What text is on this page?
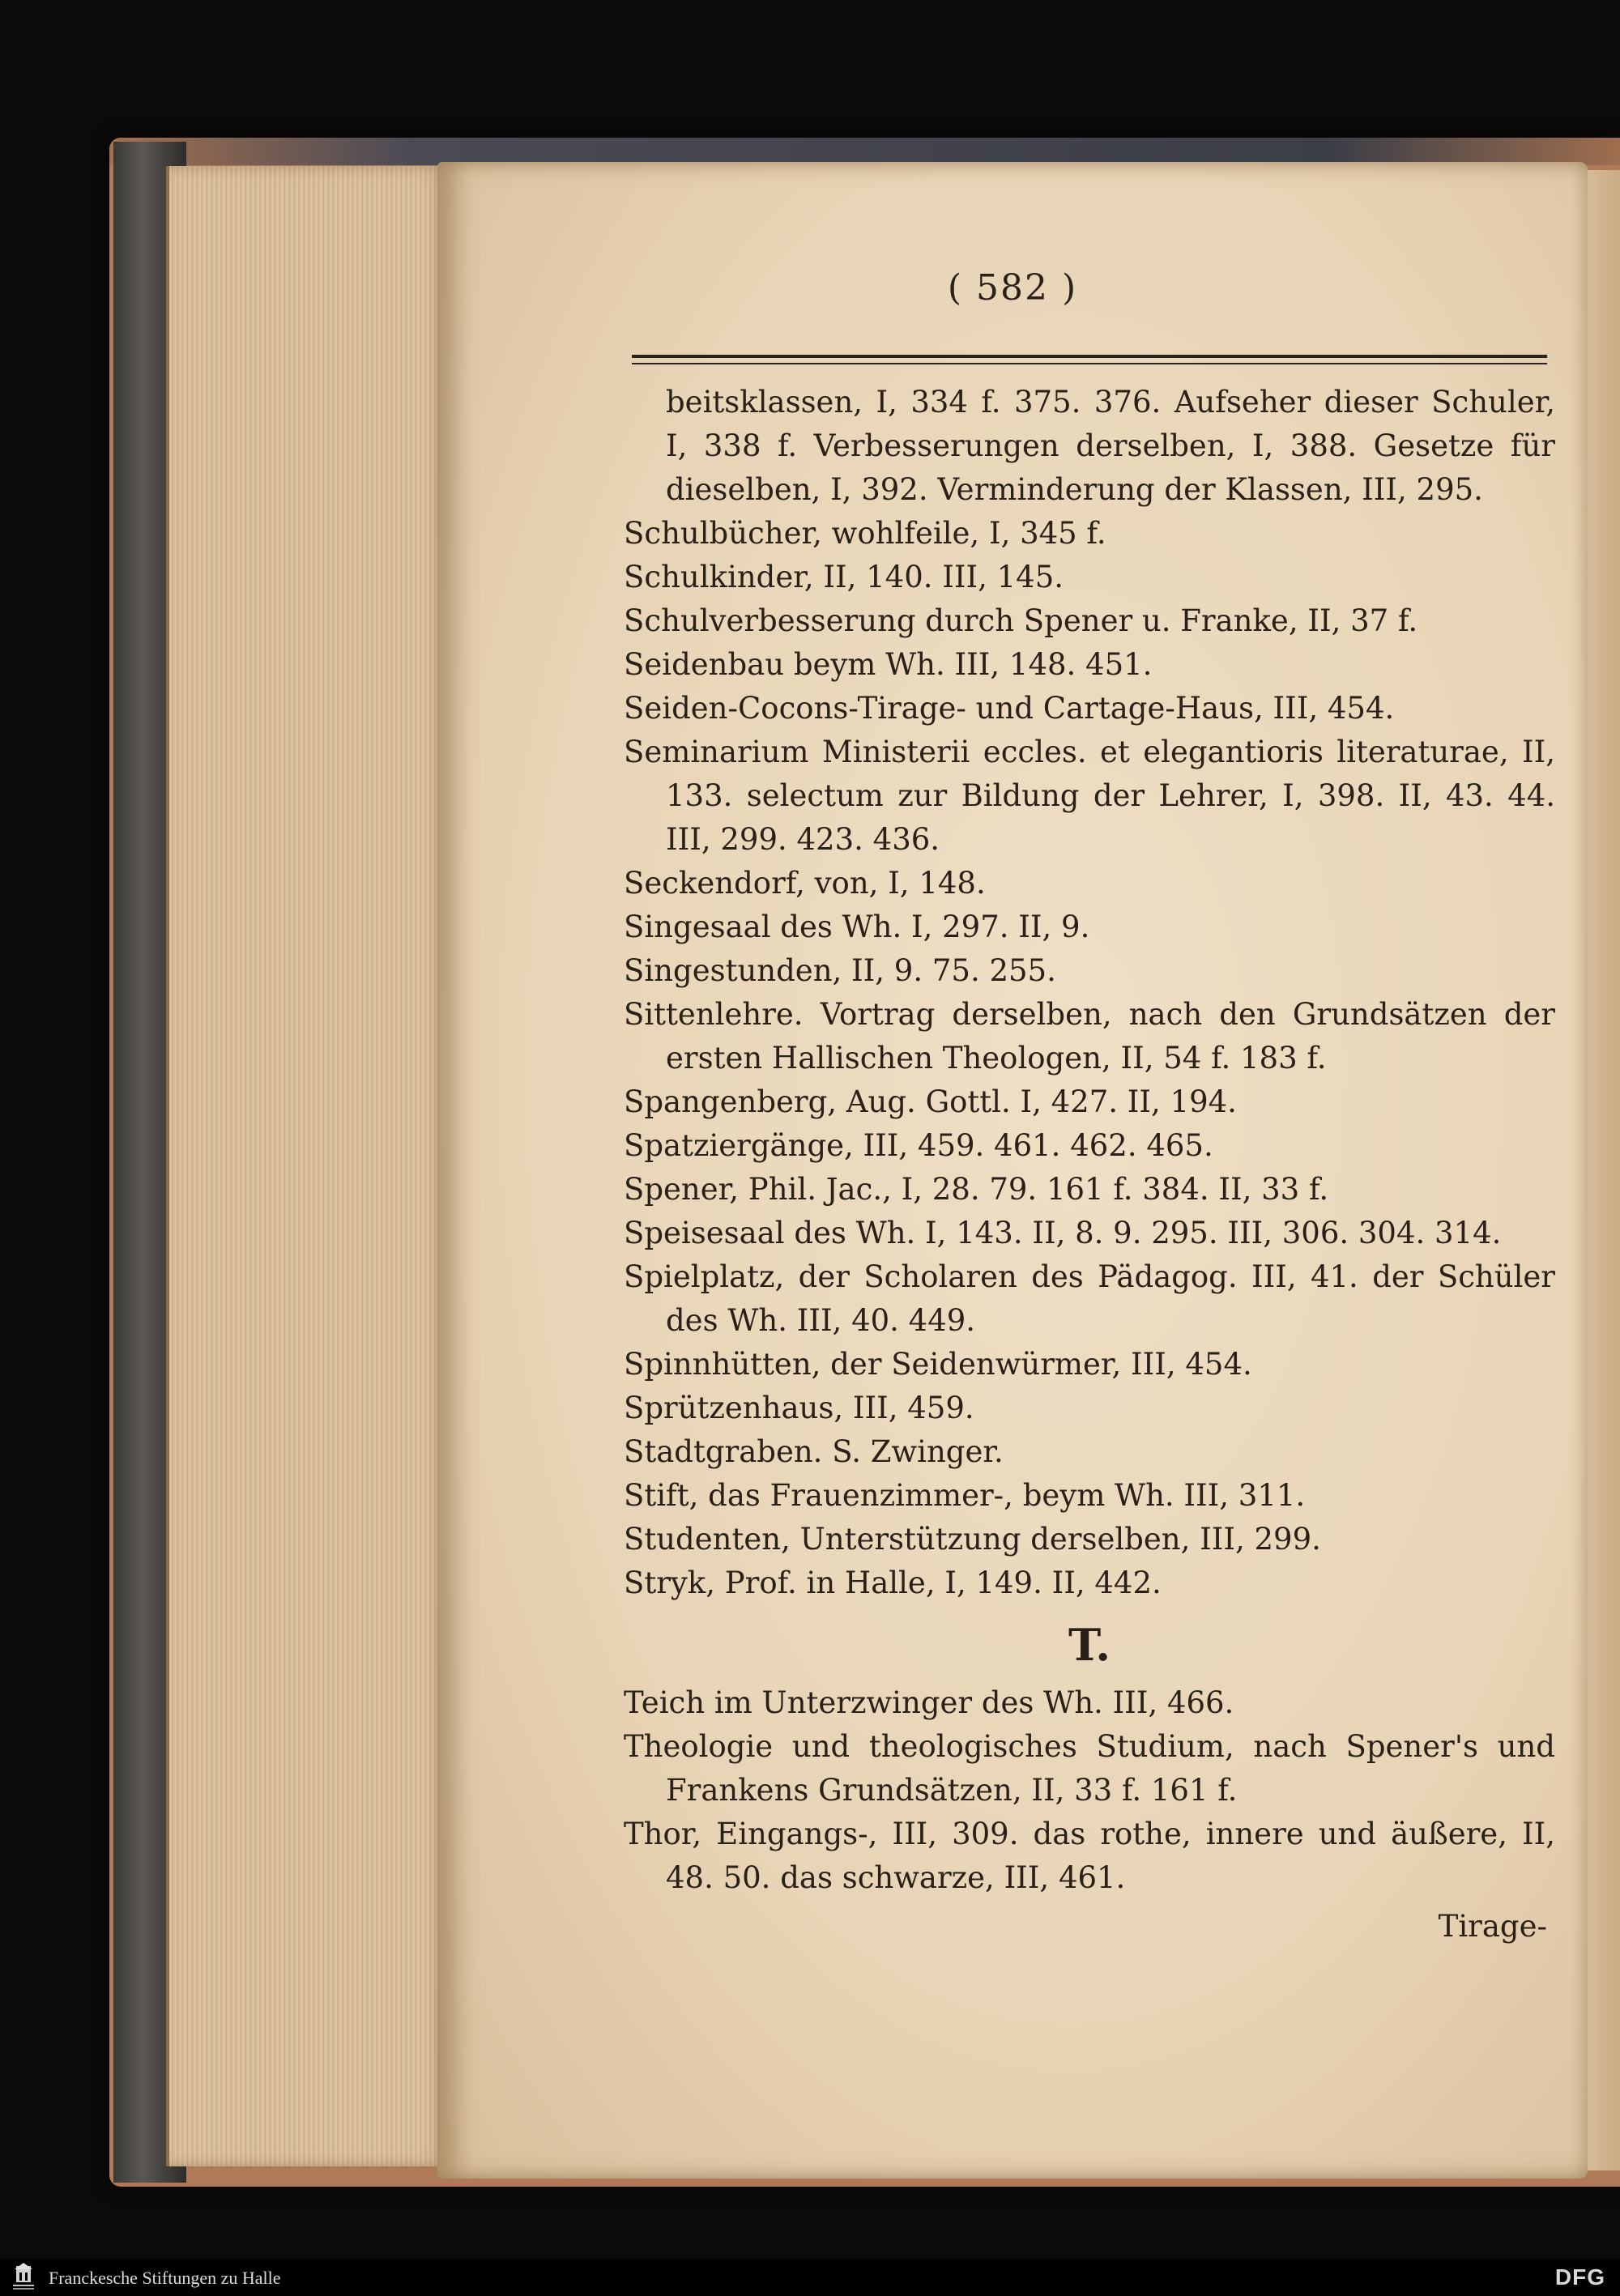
( 582 )

beitsklassen, I, 334 f. 375. 376. Aufseher dieser Schuler, I, 338 f. Verbesserungen derselben, I, 388. Gesetze für dieselben, I, 392. Verminderung der Klassen, III, 295.

Schulbücher, wohlfeile, I, 345 f.

Schulkinder, II, 140. III, 145.

Schulverbesserung durch Spener u. Franke, II, 37 f.

Seidenbau beym Wh. III, 148. 451.

Seiden-Cocons-Tirage- und Cartage-Haus, III, 454.

Seminarium Ministerii eccles. et elegantioris literaturae, II, 133. selectum zur Bildung der Lehrer, I, 398. II, 43. 44. III, 299. 423. 436.

Seckendorf, von, I, 148.

Singesaal des Wh. I, 297. II, 9.

Singestunden, II, 9. 75. 255.

Sittenlehre. Vortrag derselben, nach den Grundsätzen der ersten Hallischen Theologen, II, 54 f. 183 f.

Spangenberg, Aug. Gottl. I, 427. II, 194.

Spatziergänge, III, 459. 461. 462. 465.

Spener, Phil. Jac., I, 28. 79. 161 f. 384. II, 33 f.

Speisesaal des Wh. I, 143. II, 8. 9. 295. III, 306. 304. 314.

Spielplatz, der Scholaren des Pädagog. III, 41. der Schüler des Wh. III, 40. 449.

Spinnhütten, der Seidenwürmer, III, 454.

Sprützenhaus, III, 459.

Stadtgraben. S. Zwinger.

Stift, das Frauenzimmer-, beym Wh. III, 311.

Studenten, Unterstützung derselben, III, 299.

Stryk, Prof. in Halle, I, 149. II, 442.

T.

Teich im Unterzwinger des Wh. III, 466.

Theologie und theologisches Studium, nach Spener's und Frankens Grundsätzen, II, 33 f. 161 f.

Thor, Eingangs-, III, 309. das rothe, innere und äußere, II, 48. 50. das schwarze, III, 461.

Tirage-
Franckesche Stiftungen zu Halle	DFG
